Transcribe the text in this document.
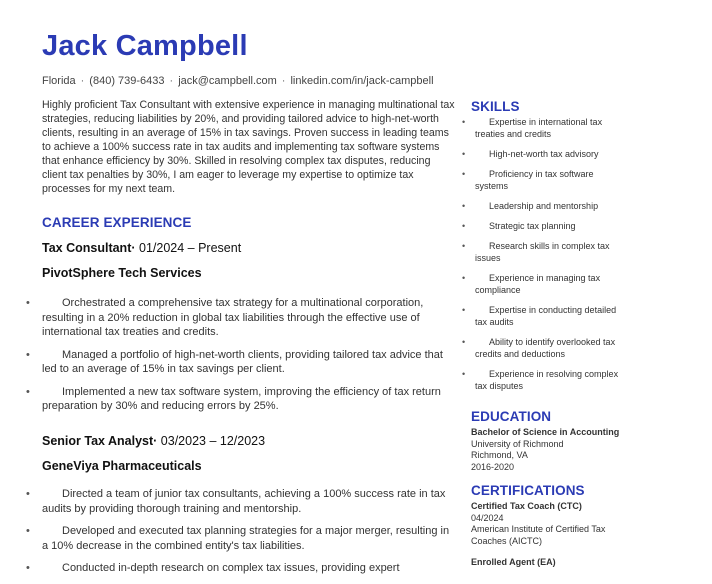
Jack Campbell
Florida · (840) 739-6433 · jack@campbell.com · linkedin.com/in/jack-campbell

Highly proficient Tax Consultant with extensive experience in managing multinational tax strategies, reducing liabilities by 20%, and providing tailored advice to high-net-worth clients, resulting in an average of 15% in tax savings. Proven success in leading teams to achieve a 100% success rate in tax audits and implementing tax software systems that enhance efficiency by 30%. Skilled in resolving complex tax disputes, reducing client tax penalties by 30%, I am eager to leverage my expertise to optimize tax processes for my next team.

CAREER EXPERIENCE
Tax Consultant· 01/2024 – Present
PivotSphere Tech Services
• Orchestrated a comprehensive tax strategy for a multinational corporation, resulting in a 20% reduction in global tax liabilities through the effective use of international tax treaties and credits.
• Managed a portfolio of high-net-worth clients, providing tailored tax advice that led to an average of 15% in tax savings per client.
• Implemented a new tax software system, improving the efficiency of tax return preparation by 30% and reducing errors by 25%.
Senior Tax Analyst· 03/2023 – 12/2023
GeneViya Pharmaceuticals
• Directed a team of junior tax consultants, achieving a 100% success rate in tax audits by providing thorough training and mentorship.
• Developed and executed tax planning strategies for a major merger, resulting in a 10% decrease in the combined entity's tax liabilities.
• Conducted in-depth research on complex tax issues, providing expert
SKILLS
• Expertise in international tax treaties and credits
• High-net-worth tax advisory
• Proficiency in tax software systems
• Leadership and mentorship
• Strategic tax planning
• Research skills in complex tax issues
• Experience in managing tax compliance
• Expertise in conducting detailed tax audits
• Ability to identify overlooked tax credits and deductions
• Experience in resolving complex tax disputes
EDUCATION
Bachelor of Science in Accounting
University of Richmond
Richmond, VA
2016-2020
CERTIFICATIONS
Certified Tax Coach (CTC)
04/2024
American Institute of Certified Tax Coaches (AICTC)
Enrolled Agent (EA)
